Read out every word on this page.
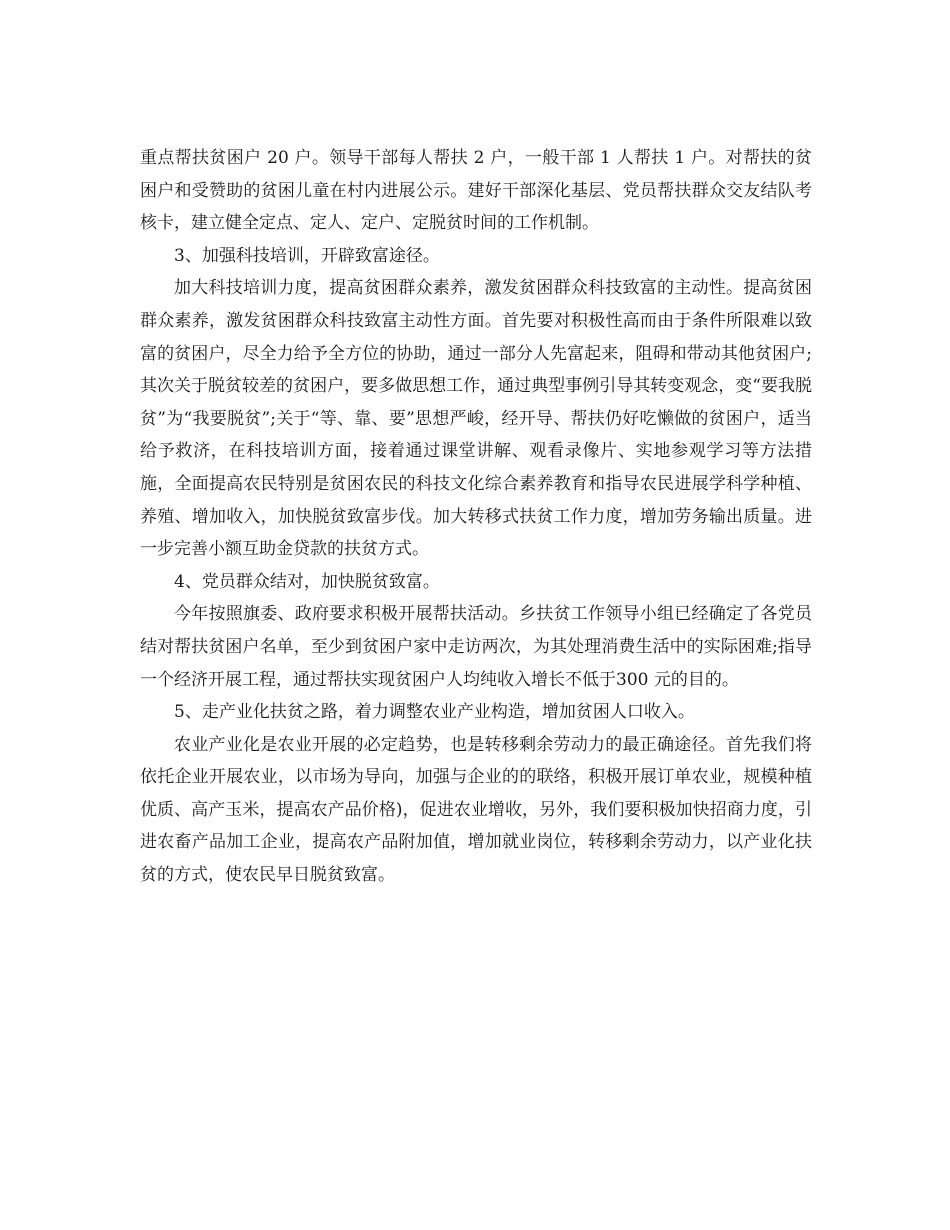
重点帮扶贫困户 20 户。领导干部每人帮扶 2 户，一般干部 1 人帮扶 1 户。对帮扶的贫困户和受赞助的贫困儿童在村内进展公示。建好干部深化基层、党员帮扶群众交友结队考核卡，建立健全定点、定人、定户、定脱贫时间的工作机制。

3、加强科技培训，开辟致富途径。

加大科技培训力度，提高贫困群众素养，激发贫困群众科技致富的主动性。提高贫困群众素养，激发贫困群众科技致富主动性方面。首先要对积极性高而由于条件所限难以致富的贫困户，尽全力给予全方位的协助，通过一部分人先富起来，阻碍和带动其他贫困户;其次关于脱贫较差的贫困户，要多做思想工作，通过典型事例引导其转变观念，变“要我脱贫”为“我要脱贫”;关于“等、靠、要”思想严峻，经开导、帮扶仍好吃懒做的贫困户，适当给予救济，在科技培训方面，接着通过课堂讲解、观看录像片、实地参观学习等方法措施，全面提高农民特别是贫困农民的科技文化综合素养教育和指导农民进展学科学种植、养殖、增加收入，加快脱贫致富步伐。加大转移式扶贫工作力度，增加劳务输出质量。进一步完善小额互助金贷款的扶贫方式。

4、党员群众结对，加快脱贫致富。

今年按照旗委、政府要求积极开展帮扶活动。乡扶贫工作领导小组已经确定了各党员结对帮扶贫困户名单，至少到贫困户家中走访两次，为其处理消费生活中的实际困难;指导一个经济开展工程，通过帮扶实现贫困户人均纯收入增长不低于300 元的目的。

5、走产业化扶贫之路，着力调整农业产业构造，增加贫困人口收入。

农业产业化是农业开展的必定趋势，也是转移剩余劳动力的最正确途径。首先我们将依托企业开展农业，以市场为导向，加强与企业的的联络，积极开展订单农业，规模种植优质、高产玉米，提高农产品价格)，促进农业增收，另外，我们要积极加快招商力度，引进农畜产品加工企业，提高农产品附加值，增加就业岗位，转移剩余劳动力，以产业化扶贫的方式，使农民早日脱贫致富。
